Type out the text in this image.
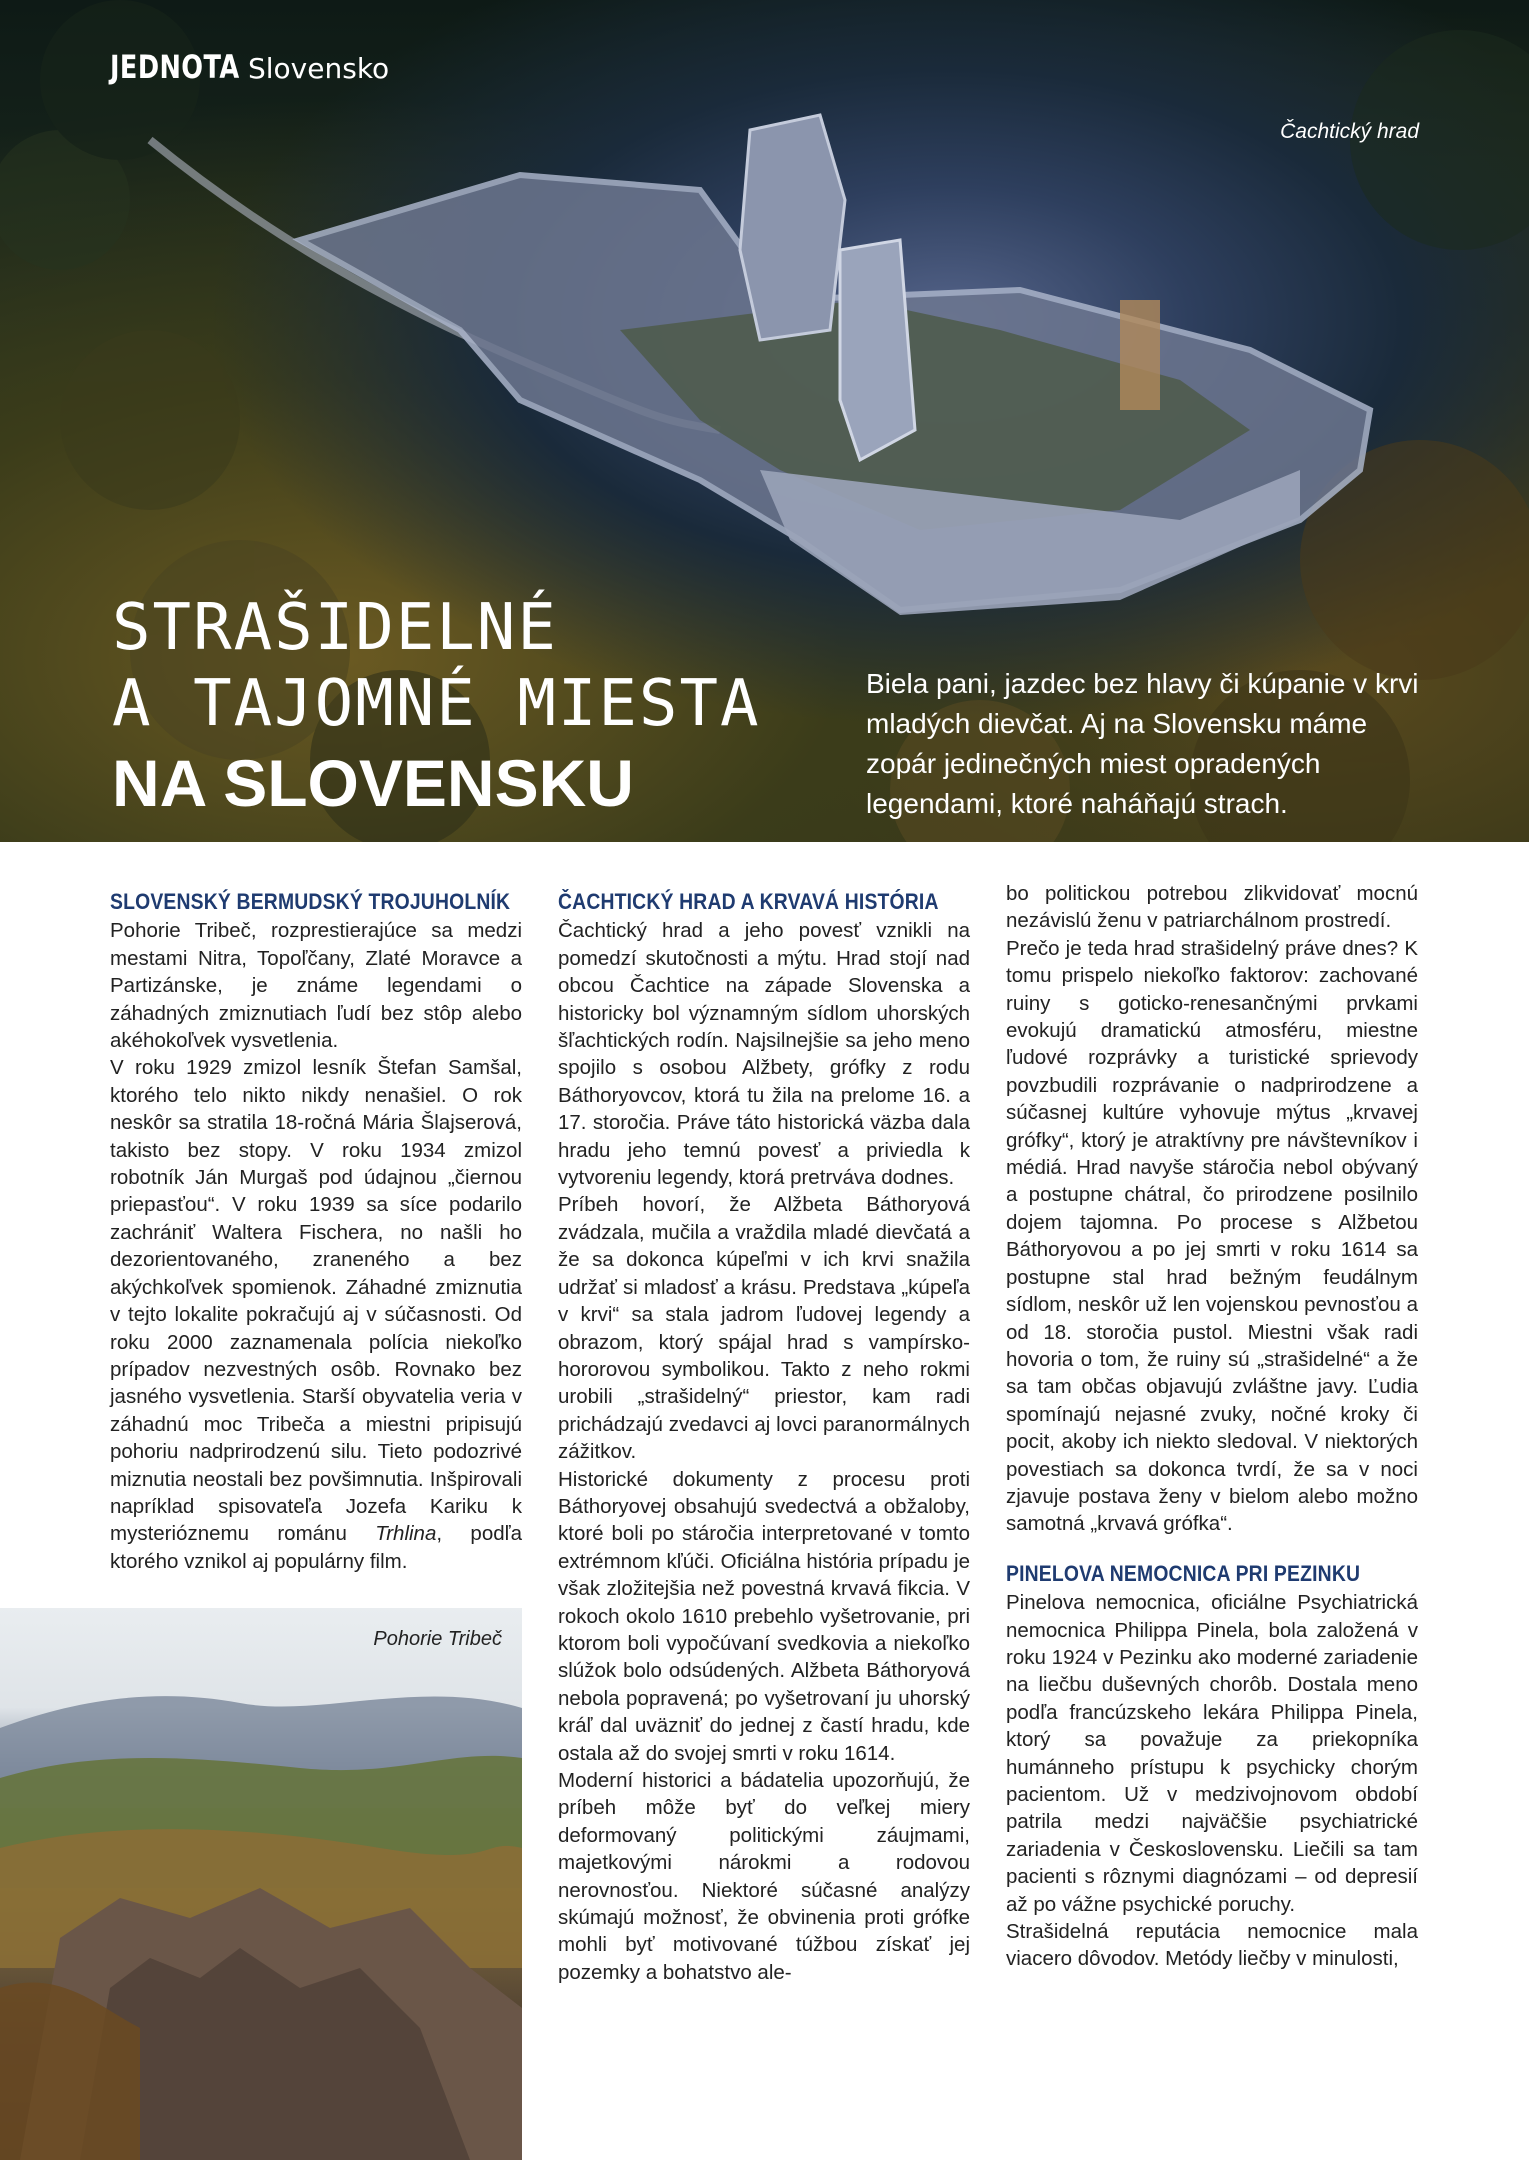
JEDNOTA Slovensko
Čachtický hrad
STRAŠIDELNÉ
A TAJOMNÉ MIESTA
NA SLOVENSKU
Biela pani, jazdec bez hlavy či kúpanie v krvi mladých dievčat. Aj na Slovensku máme zopár jedinečných miest opradených legendami, ktoré naháňajú strach.
SLOVENSKÝ BERMUDSKÝ TROJUHOLNÍK

Pohorie Tribeč, rozprestierajúce sa medzi mestami Nitra, Topoľčany, Zlaté Moravce a Partizánske, je známe legendami o záhadných zmiznutiach ľudí bez stôp alebo akéhokoľvek vysvetlenia.

V roku 1929 zmizol lesník Štefan Samšal, ktorého telo nikto nikdy nenašiel. O rok neskôr sa stratila 18-ročná Mária Šlajserová, takisto bez stopy. V roku 1934 zmizol robotník Ján Murgaš pod údajnou „čiernou priepasťou“. V roku 1939 sa síce podarilo zachrániť Waltera Fischera, no našli ho dezorientovaného, zraneného a bez akýchkoľvek spomienok. Záhadné zmiznutia v tejto lokalite pokračujú aj v súčasnosti. Od roku 2000 zaznamenala polícia niekoľko prípadov nezvestných osôb. Rovnako bez jasného vysvetlenia. Starší obyvatelia veria v záhadnú moc Tribeča a miestni pripisujú pohoriu nadprirodzenú silu. Tieto podozrivé miznutia neostali bez povšimnutia. Inšpirovali napríklad spisovateľa Jozefa Kariku k mysterióznemu románu Trhlina, podľa ktorého vznikol aj populárny film.

Pohorie Tribeč
ČACHTICKÝ HRAD A KRVAVÁ HISTÓRIA

Čachtický hrad a jeho povesť vznikli na pomedzí skutočnosti a mýtu. Hrad stojí nad obcou Čachtice na západe Slovenska a historicky bol významným sídlom uhorských šľachtických rodín. Najsilnejšie sa jeho meno spojilo s osobou Alžbety, grófky z rodu Báthoryovcov, ktorá tu žila na prelome 16. a 17. storočia. Práve táto historická väzba dala hradu jeho temnú povesť a priviedla k vytvoreniu legendy, ktorá pretrváva dodnes.

Príbeh hovorí, že Alžbeta Báthoryová zvádzala, mučila a vraždila mladé dievčatá a že sa dokonca kúpeľmi v ich krvi snažila udržať si mladosť a krásu. Predstava „kúpeľa v krvi“ sa stala jadrom ľudovej legendy a obrazom, ktorý spájal hrad s vampírsko-hororovou symbolikou. Takto z neho rokmi urobili „strašidelný“ priestor, kam radi prichádzajú zvedavci aj lovci paranormálnych zážitkov.

Historické dokumenty z procesu proti Báthoryovej obsahujú svedectvá a obžaloby, ktoré boli po stáročia interpretované v tomto extrémnom kľúči. Oficiálna história prípadu je však zložitejšia než povestná krvavá fikcia. V rokoch okolo 1610 prebehlo vyšetrovanie, pri ktorom boli vypočúvaní svedkovia a niekoľko slúžok bolo odsúdených. Alžbeta Báthoryová nebola popravená; po vyšetrovaní ju uhorský kráľ dal uväzniť do jednej z častí hradu, kde ostala až do svojej smrti v roku 1614.

Moderní historici a bádatelia upozorňujú, že príbeh môže byť do veľkej miery deformovaný politickými záujmami, majetkovými nárokmi a rodovou nerovnosťou. Niektoré súčasné analýzy skúmajú možnosť, že obvinenia proti grófke mohli byť motivované túžbou získať jej pozemky a bohatstvo ale-

bo politickou potrebou zlikvidovať mocnú nezávislú ženu v patriarchálnom prostredí.

Prečo je teda hrad strašidelný práve dnes? K tomu prispelo niekoľko faktorov: zachované ruiny s goticko-renesančnými prvkami evokujú dramatickú atmosféru, miestne ľudové rozprávky a turistické sprievody povzbudili rozprávanie o nadprirodzene a súčasnej kultúre vyhovuje mýtus „krvavej grófky“, ktorý je atraktívny pre návštevníkov i médiá. Hrad navyše stáročia nebol obývaný a postupne chátral, čo prirodzene posilnilo dojem tajomna. Po procese s Alžbetou Báthoryovou a po jej smrti v roku 1614 sa postupne stal hrad bežným feudálnym sídlom, neskôr už len vojenskou pevnosťou a od 18. storočia pustol. Miestni však radi hovoria o tom, že ruiny sú „strašidelné“ a že sa tam občas objavujú zvláštne javy. Ľudia spomínajú nejasné zvuky, nočné kroky či pocit, akoby ich niekto sledoval. V niektorých povestiach sa dokonca tvrdí, že sa v noci zjavuje postava ženy v bielom alebo možno samotná „krvavá grófka“.

PINELOVA NEMOCNICA PRI PEZINKU

Pinelova nemocnica, oficiálne Psychiatrická nemocnica Philippa Pinela, bola založená v roku 1924 v Pezinku ako moderné zariadenie na liečbu duševných chorôb. Dostala meno podľa francúzskeho lekára Philippa Pinela, ktorý sa považuje za priekopníka humánneho prístupu k psychicky chorým pacientom. Už v medzivojnovom období patrila medzi najväčšie psychiatrické zariadenia v Československu. Liečili sa tam pacienti s rôznymi diagnózami – od depresií až po vážne psychické poruchy.

Strašidelná reputácia nemocnice mala viacero dôvodov. Metódy liečby v minulosti,
